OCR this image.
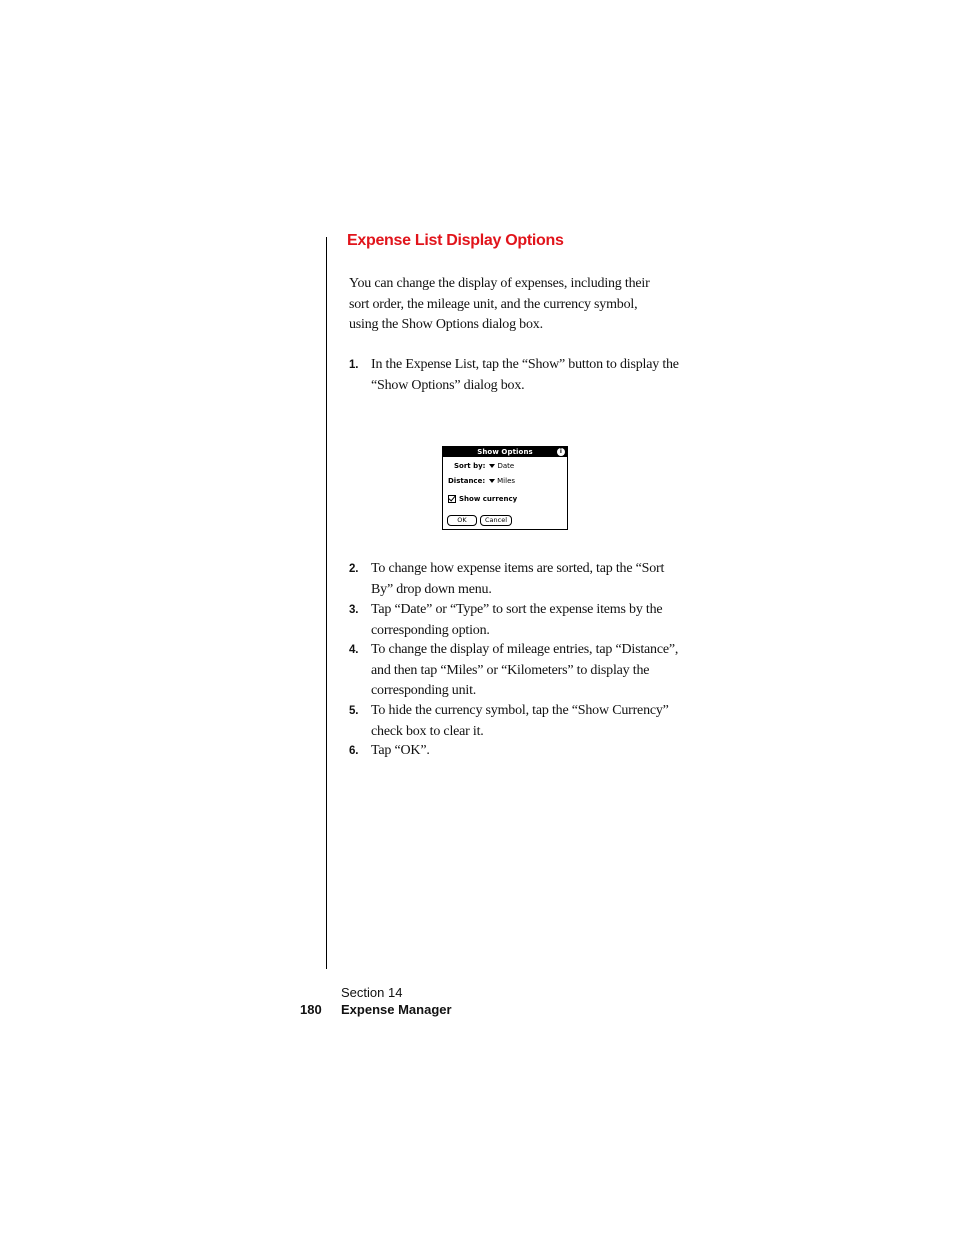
Expense List Display Options
You can change the display of expenses, including their sort order, the mileage unit, and the currency symbol, using the Show Options dialog box.
1. In the Expense List, tap the “Show” button to display the “Show Options” dialog box.
Show Options	i
Sort by: Date
Distance: Miles
Show currency
OK	Cancel
2. To change how expense items are sorted, tap the “Sort By” drop down menu.
3. Tap “Date” or “Type” to sort the expense items by the corresponding option.
4. To change the display of mileage entries, tap “Distance”, and then tap “Miles” or “Kilometers” to display the corresponding unit.
5. To hide the currency symbol, tap the “Show Currency” check box to clear it.
6. Tap “OK”.
Section 14
180 Expense Manager
